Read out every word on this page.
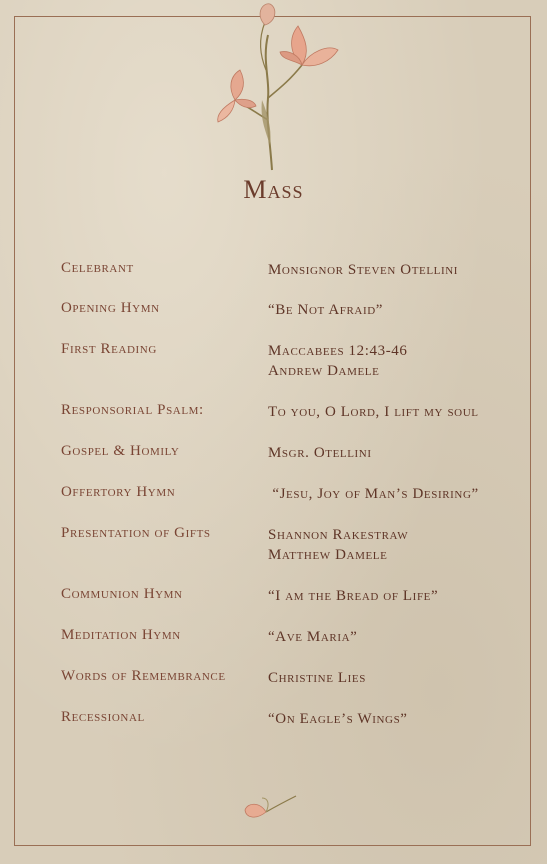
Mass
Celebrant	Monsignor Steven Otellini
Opening Hymn	“Be Not Afraid”
First Reading	Maccabees 12:43-46
Andrew Damele
Responsorial Psalm:	To you, O Lord, I lift my soul
Gospel & Homily	Msgr. Otellini
Offertory Hymn	“Jesu, Joy of Man’s Desiring”
Presentation of Gifts	Shannon Rakestraw
Matthew Damele
Communion Hymn	“I am the Bread of Life”
Meditation Hymn	“Ave Maria”
Words of Remembrance	Christine Lies
Recessional	“On Eagle’s Wings”
